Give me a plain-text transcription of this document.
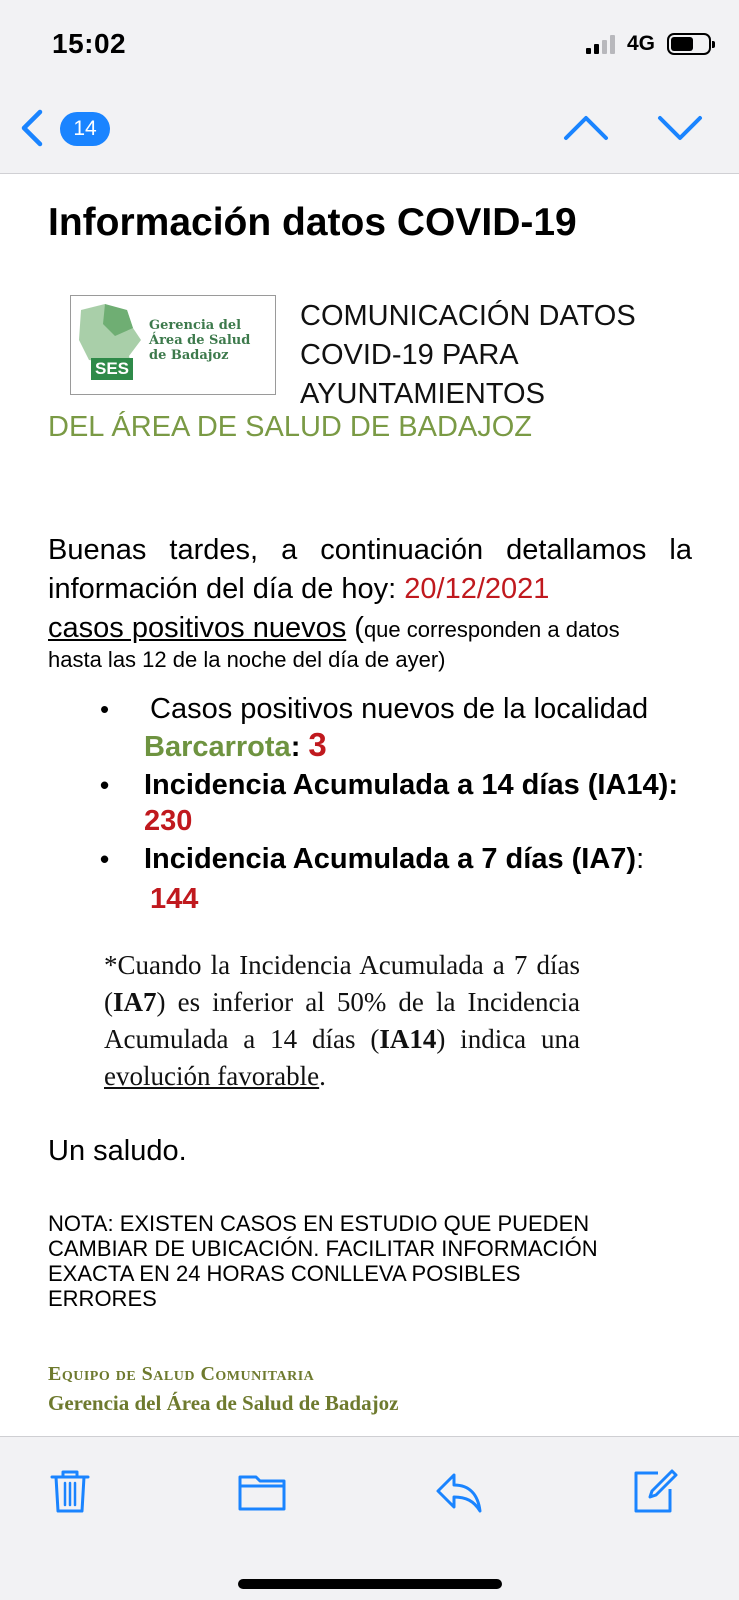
15:02	4G
14
Información datos COVID-19
SES
Gerencia del
Área de Salud
de Badajoz
COMUNICACIÓN DATOS
COVID-19 PARA
AYUNTAMIENTOS
DEL ÁREA DE SALUD DE BADAJOZ
Buenas tardes, a continuación detallamos la información del día de hoy: 20/12/2021
casos positivos nuevos (que corresponden a datos
hasta las 12 de la noche del día de ayer)
• Casos positivos nuevos de la localidad
Barcarrota: 3
• Incidencia Acumulada a 14 días (IA14): 230
• Incidencia Acumulada a 7 días (IA7):
144
*Cuando la Incidencia Acumulada a 7 días (IA7) es inferior al 50% de la Incidencia Acumulada a 14 días (IA14) indica una evolución favorable.
Un saludo.
NOTA: EXISTEN CASOS EN ESTUDIO QUE PUEDEN CAMBIAR DE UBICACIÓN. FACILITAR INFORMACIÓN EXACTA EN 24 HORAS CONLLEVA POSIBLES ERRORES
Equipo de Salud Comunitaria
Gerencia del Área de Salud de Badajoz
